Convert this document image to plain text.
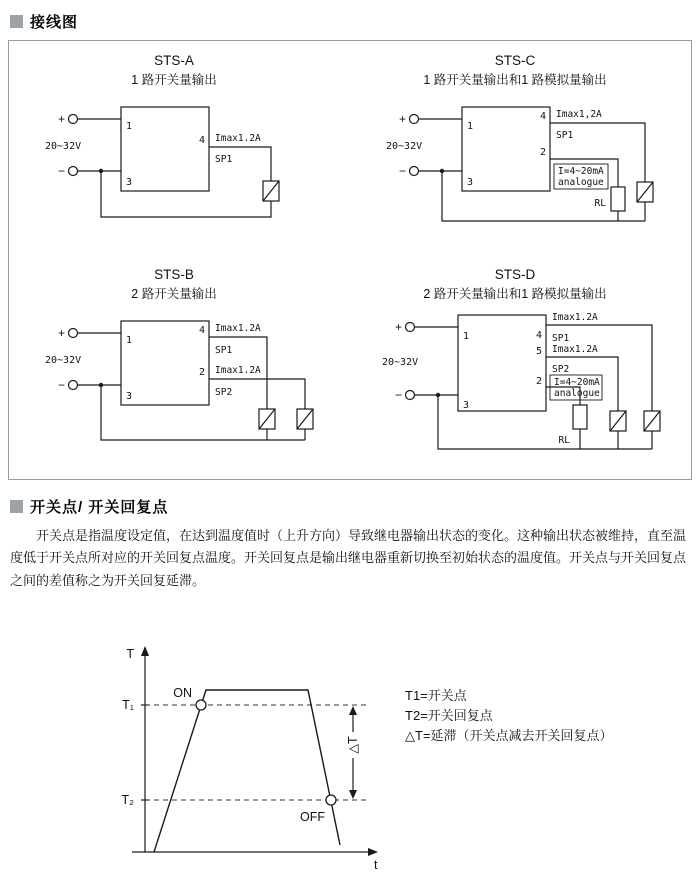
接线图
STS-A
1 路开关量输出
+
20~32V
−
1
3
4 Imax1.2A
SP1
STS-C
1 路开关量输出和1 路模拟量输出
+
20~32V
−
1
3
4
2
Imax1,2A
SP1
I=4~20mA
analogue
RL
STS-B
2 路开关量输出
+
20~32V
−
1
3
4
2
Imax1.2A
SP1
Imax1.2A
SP2
STS-D
2 路开关量输出和1 路模拟量输出
+
20~32V
−
1
3
4
5
2
Imax1.2A
SP1
Imax1.2A
SP2
I=4~20mA
analogue
RL
开关点/ 开关回复点

开关点是指温度设定值，在达到温度值时（上升方向）导致继电器输出状态的变化。这种输出状态被维持，直至温度低于开关点所对应的开关回复点温度。开关回复点是输出继电器重新切换至初始状态的温度值。开关点与开关回复点之间的差值称之为开关回复延滞。

△T
T
t
T₁
T₂
ON
OFF
T1=开关点
T2=开关回复点
△T=延滞（开关点减去开关回复点）
